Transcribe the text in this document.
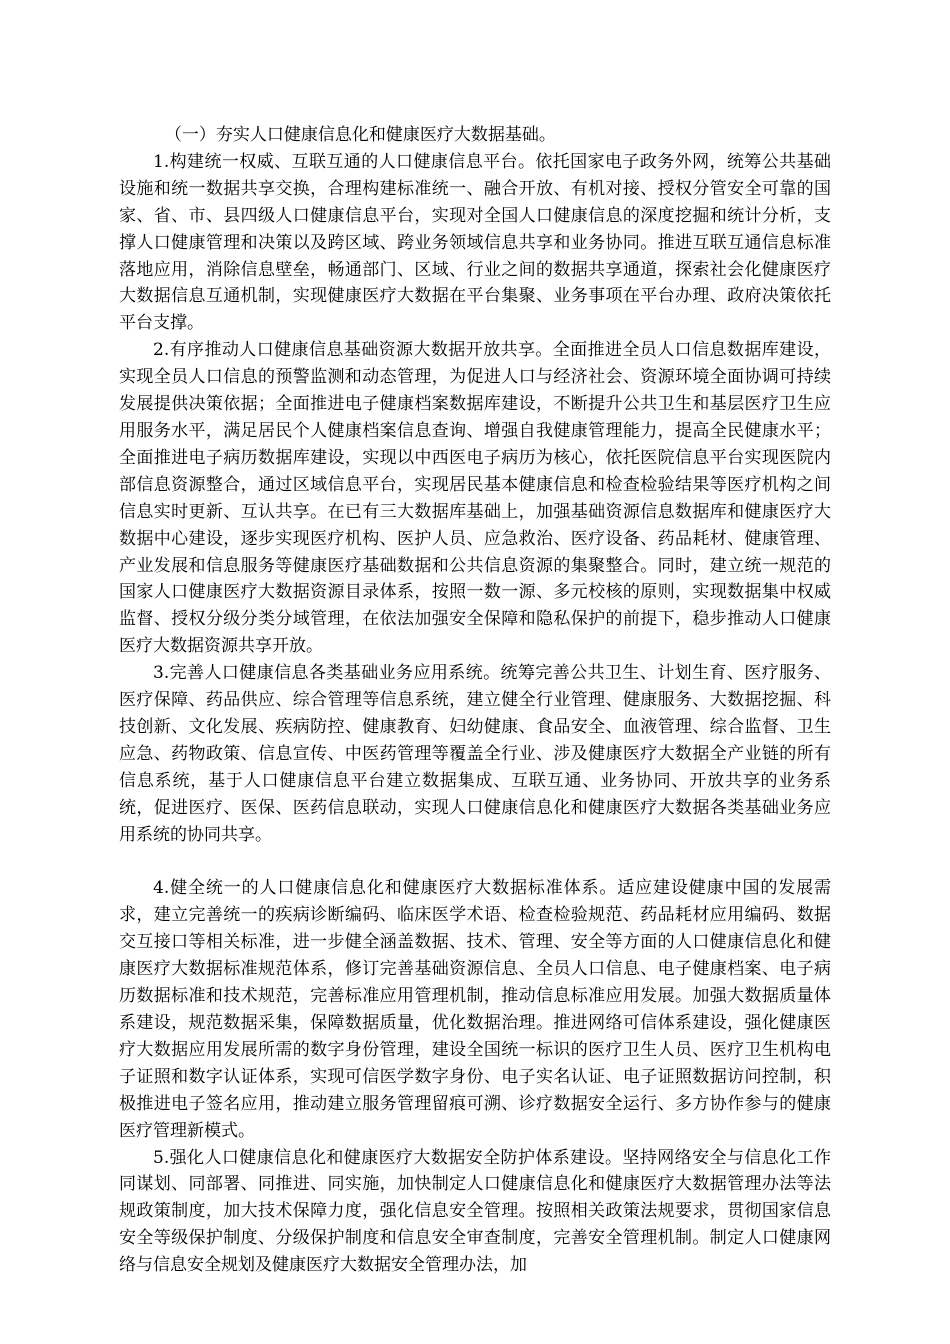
（一）夯实人口健康信息化和健康医疗大数据基础。

1.构建统一权威、互联互通的人口健康信息平台。依托国家电子政务外网，统筹公共基础设施和统一数据共享交换，合理构建标准统一、融合开放、有机对接、授权分管安全可靠的国家、省、市、县四级人口健康信息平台，实现对全国人口健康信息的深度挖掘和统计分析，支撑人口健康管理和决策以及跨区域、跨业务领域信息共享和业务协同。推进互联互通信息标准落地应用，消除信息壁垒，畅通部门、区域、行业之间的数据共享通道，探索社会化健康医疗大数据信息互通机制，实现健康医疗大数据在平台集聚、业务事项在平台办理、政府决策依托平台支撑。

2.有序推动人口健康信息基础资源大数据开放共享。全面推进全员人口信息数据库建设，实现全员人口信息的预警监测和动态管理，为促进人口与经济社会、资源环境全面协调可持续发展提供决策依据；全面推进电子健康档案数据库建设，不断提升公共卫生和基层医疗卫生应用服务水平，满足居民个人健康档案信息查询、增强自我健康管理能力，提高全民健康水平；全面推进电子病历数据库建设，实现以中西医电子病历为核心，依托医院信息平台实现医院内部信息资源整合，通过区域信息平台，实现居民基本健康信息和检查检验结果等医疗机构之间信息实时更新、互认共享。在已有三大数据库基础上，加强基础资源信息数据库和健康医疗大数据中心建设，逐步实现医疗机构、医护人员、应急救治、医疗设备、药品耗材、健康管理、产业发展和信息服务等健康医疗基础数据和公共信息资源的集聚整合。同时，建立统一规范的国家人口健康医疗大数据资源目录体系，按照一数一源、多元校核的原则，实现数据集中权威监督、授权分级分类分域管理，在依法加强安全保障和隐私保护的前提下，稳步推动人口健康医疗大数据资源共享开放。

3.完善人口健康信息各类基础业务应用系统。统筹完善公共卫生、计划生育、医疗服务、医疗保障、药品供应、综合管理等信息系统，建立健全行业管理、健康服务、大数据挖掘、科技创新、文化发展、疾病防控、健康教育、妇幼健康、食品安全、血液管理、综合监督、卫生应急、药物政策、信息宣传、中医药管理等覆盖全行业、涉及健康医疗大数据全产业链的所有信息系统，基于人口健康信息平台建立数据集成、互联互通、业务协同、开放共享的业务系统，促进医疗、医保、医药信息联动，实现人口健康信息化和健康医疗大数据各类基础业务应用系统的协同共享。

4.健全统一的人口健康信息化和健康医疗大数据标准体系。适应建设健康中国的发展需求，建立完善统一的疾病诊断编码、临床医学术语、检查检验规范、药品耗材应用编码、数据交互接口等相关标准，进一步健全涵盖数据、技术、管理、安全等方面的人口健康信息化和健康医疗大数据标准规范体系，修订完善基础资源信息、全员人口信息、电子健康档案、电子病历数据标准和技术规范，完善标准应用管理机制，推动信息标准应用发展。加强大数据质量体系建设，规范数据采集，保障数据质量，优化数据治理。推进网络可信体系建设，强化健康医疗大数据应用发展所需的数字身份管理，建设全国统一标识的医疗卫生人员、医疗卫生机构电子证照和数字认证体系，实现可信医学数字身份、电子实名认证、电子证照数据访问控制，积极推进电子签名应用，推动建立服务管理留痕可溯、诊疗数据安全运行、多方协作参与的健康医疗管理新模式。

5.强化人口健康信息化和健康医疗大数据安全防护体系建设。坚持网络安全与信息化工作同谋划、同部署、同推进、同实施，加快制定人口健康信息化和健康医疗大数据管理办法等法规政策制度，加大技术保障力度，强化信息安全管理。按照相关政策法规要求，贯彻国家信息安全等级保护制度、分级保护制度和信息安全审查制度，完善安全管理机制。制定人口健康网络与信息安全规划及健康医疗大数据安全管理办法，加
